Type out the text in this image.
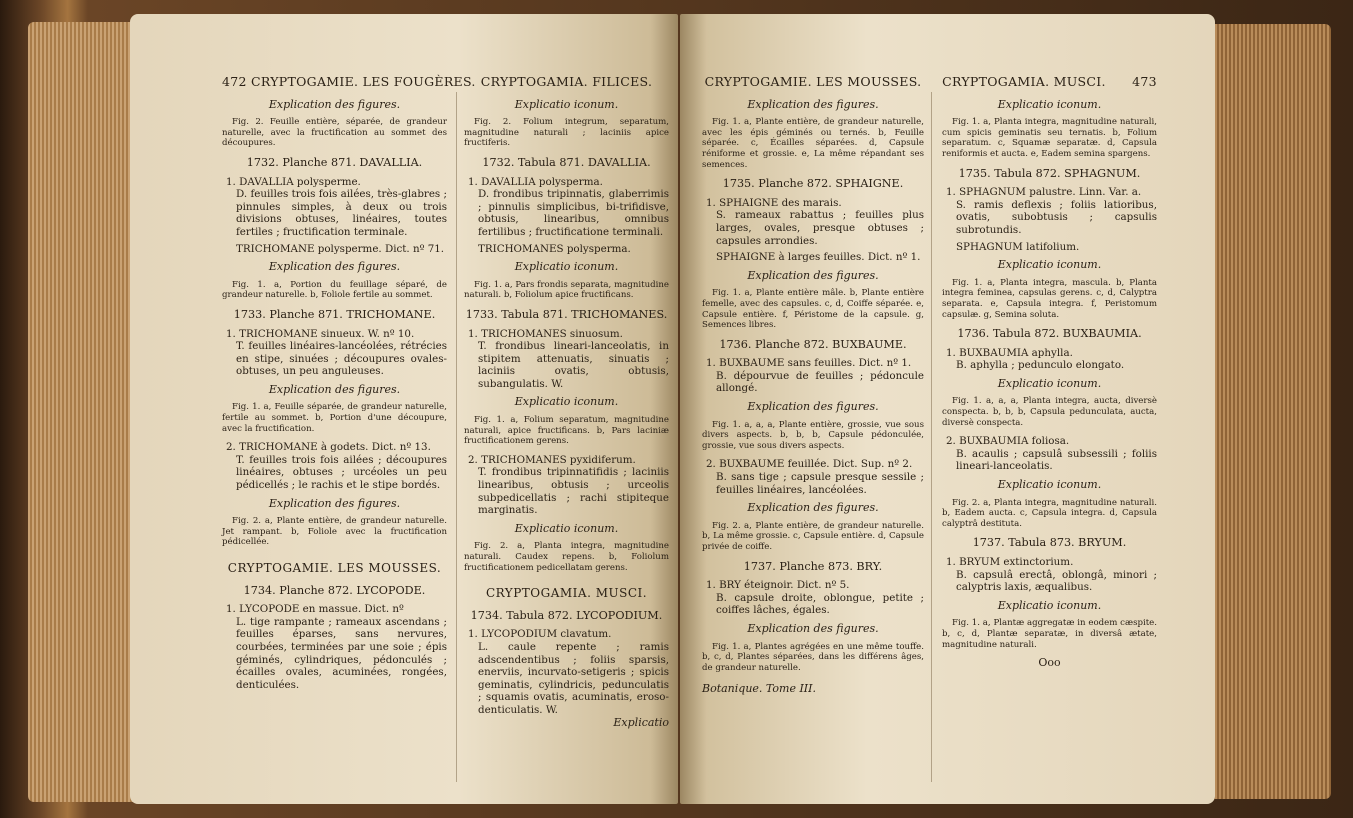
472 CRYPTOGAMIE. LES FOUGÈRES.
Explication des figures.
Fig. 2. Feuille entière, séparée, de grandeur naturelle, avec la fructification au sommet des découpures.
1732. Planche 871. DAVALLIA.
1. DAVALLIA polysperme.
D. feuilles trois fois ailées, très-glabres ; pinnules simples, à deux ou trois divisions obtuses, linéaires, toutes fertiles ; fructification terminale.
TRICHOMANE polysperme. Dict. nº 71.
Explication des figures.
Fig. 1. a, Portion du feuillage séparé, de grandeur naturelle. b, Foliole fertile au sommet.
1733. Planche 871. TRICHOMANE.
1. TRICHOMANE sinueux. W. nº 10.
T. feuilles linéaires-lancéolées, rétrécies en stipe, sinuées ; découpures ovales-obtuses, un peu anguleuses.
Explication des figures.
Fig. 1. a, Feuille séparée, de grandeur naturelle, fertile au sommet. b, Portion d'une découpure, avec la fructification.
2. TRICHOMANE à godets. Dict. nº 13.
T. feuilles trois fois ailées ; découpures linéaires, obtuses ; urcéoles un peu pédicellés ; le rachis et le stipe bordés.
Explication des figures.
Fig. 2. a, Plante entière, de grandeur naturelle. Jet rampant. b, Foliole avec la fructification pédicellée.
CRYPTOGAMIE. LES MOUSSES.
1734. Planche 872. LYCOPODE.
1. LYCOPODE en massue. Dict. nº
L. tige rampante ; rameaux ascendans ; feuilles éparses, sans nervures, courbées, terminées par une soie ; épis géminés, cylindriques, pédonculés ; écailles ovales, acuminées, rongées, denticulées.
CRYPTOGAMIA. FILICES.
Explicatio iconum.
Fig. 2. Folium integrum, separatum, magnitudine naturali ; laciniis apice fructiferis.
1732. Tabula 871. DAVALLIA.
1. DAVALLIA polysperma.
D. frondibus tripinnatis, glaberrimis ; pinnulis simplicibus, bi-trifidisve, obtusis, linearibus, omnibus fertilibus ; fructificatione terminali.
TRICHOMANES polysperma.
Explicatio iconum.
Fig. 1. a, Pars frondis separata, magnitudine naturali. b, Foliolum apice fructificans.
1733. Tabula 871. TRICHOMANES.
1. TRICHOMANES sinuosum.
T. frondibus lineari-lanceolatis, in stipitem attenuatis, sinuatis ; laciniis ovatis, obtusis, subangulatis. W.
Explicatio iconum.
Fig. 1. a, Folium separatum, magnitudine naturali, apice fructificans. b, Pars laciniæ fructificationem gerens.
2. TRICHOMANES pyxidiferum.
T. frondibus tripinnatifidis ; laciniis linearibus, obtusis ; urceolis subpedicellatis ; rachi stipiteque marginatis.
Explicatio iconum.
Fig. 2. a, Planta integra, magnitudine naturali. Caudex repens. b, Foliolum fructificationem pedicellatam gerens.
CRYPTOGAMIA. MUSCI.
1734. Tabula 872. LYCOPODIUM.
1. LYCOPODIUM clavatum.
L. caule repente ; ramis adscendentibus ; foliis sparsis, enerviis, incurvato-setigeris ; spicis geminatis, cylindricis, pedunculatis ; squamis ovatis, acuminatis, eroso-denticulatis. W.
Explicatio
CRYPTOGAMIE. LES MOUSSES.
Explication des figures.
Fig. 1. a, Plante entière, de grandeur naturelle, avec les épis géminés ou ternés. b, Feuille séparée. c, Écailles séparées. d, Capsule réniforme et grossie. e, La même répandant ses semences.
1735. Planche 872. SPHAIGNE.
1. SPHAIGNE des marais.
S. rameaux rabattus ; feuilles plus larges, ovales, presque obtuses ; capsules arrondies.
SPHAIGNE à larges feuilles. Dict. nº 1.
Explication des figures.
Fig. 1. a, Plante entière mâle. b, Plante entière femelle, avec des capsules. c, d, Coiffe séparée. e, Capsule entière. f, Péristome de la capsule. g, Semences libres.
1736. Planche 872. BUXBAUME.
1. BUXBAUME sans feuilles. Dict. nº 1.
B. dépourvue de feuilles ; pédoncule allongé.
Explication des figures.
Fig. 1. a, a, a, Plante entière, grossie, vue sous divers aspects. b, b, b, Capsule pédonculée, grossie, vue sous divers aspects.
2. BUXBAUME feuillée. Dict. Sup. nº 2.
B. sans tige ; capsule presque sessile ; feuilles linéaires, lancéolées.
Explication des figures.
Fig. 2. a, Plante entière, de grandeur naturelle. b, La même grossie. c, Capsule entière. d, Capsule privée de coiffe.
1737. Planche 873. BRY.
1. BRY éteignoir. Dict. nº 5.
B. capsule droite, oblongue, petite ; coiffes lâches, égales.
Explication des figures.
Fig. 1. a, Plantes agrégées en une même touffe. b, c, d, Plantes séparées, dans les différens âges, de grandeur naturelle.
Botanique. Tome III.
CRYPTOGAMIA. MUSCI. 473
Explicatio iconum.
Fig. 1. a, Planta integra, magnitudine naturali, cum spicis geminatis seu ternatis. b, Folium separatum. c, Squamæ separatæ. d, Capsula reniformis et aucta. e, Eadem semina spargens.
1735. Tabula 872. SPHAGNUM.
1. SPHAGNUM palustre. Linn. Var. a.
S. ramis deflexis ; foliis latioribus, ovatis, subobtusis ; capsulis subrotundis.
SPHAGNUM latifolium.
Explicatio iconum.
Fig. 1. a, Planta integra, mascula. b, Planta integra feminea, capsulas gerens. c, d, Calyptra separata. e, Capsula integra. f, Peristomum capsulæ. g, Semina soluta.
1736. Tabula 872. BUXBAUMIA.
1. BUXBAUMIA aphylla.
B. aphylla ; pedunculo elongato.
Explicatio iconum.
Fig. 1. a, a, a, Planta integra, aucta, diversè conspecta. b, b, b, Capsula pedunculata, aucta, diversè conspecta.
2. BUXBAUMIA foliosa.
B. acaulis ; capsulâ subsessili ; foliis lineari-lanceolatis.
Explicatio iconum.
Fig. 2. a, Planta integra, magnitudine naturali. b, Eadem aucta. c, Capsula integra. d, Capsula calyptrâ destituta.
1737. Tabula 873. BRYUM.
1. BRYUM extinctorium.
B. capsulâ erectâ, oblongâ, minori ; calyptris laxis, æqualibus.
Explicatio iconum.
Fig. 1. a, Plantæ aggregatæ in eodem cæspite. b, c, d, Plantæ separatæ, in diversâ ætate, magnitudine naturali.
Ooo
